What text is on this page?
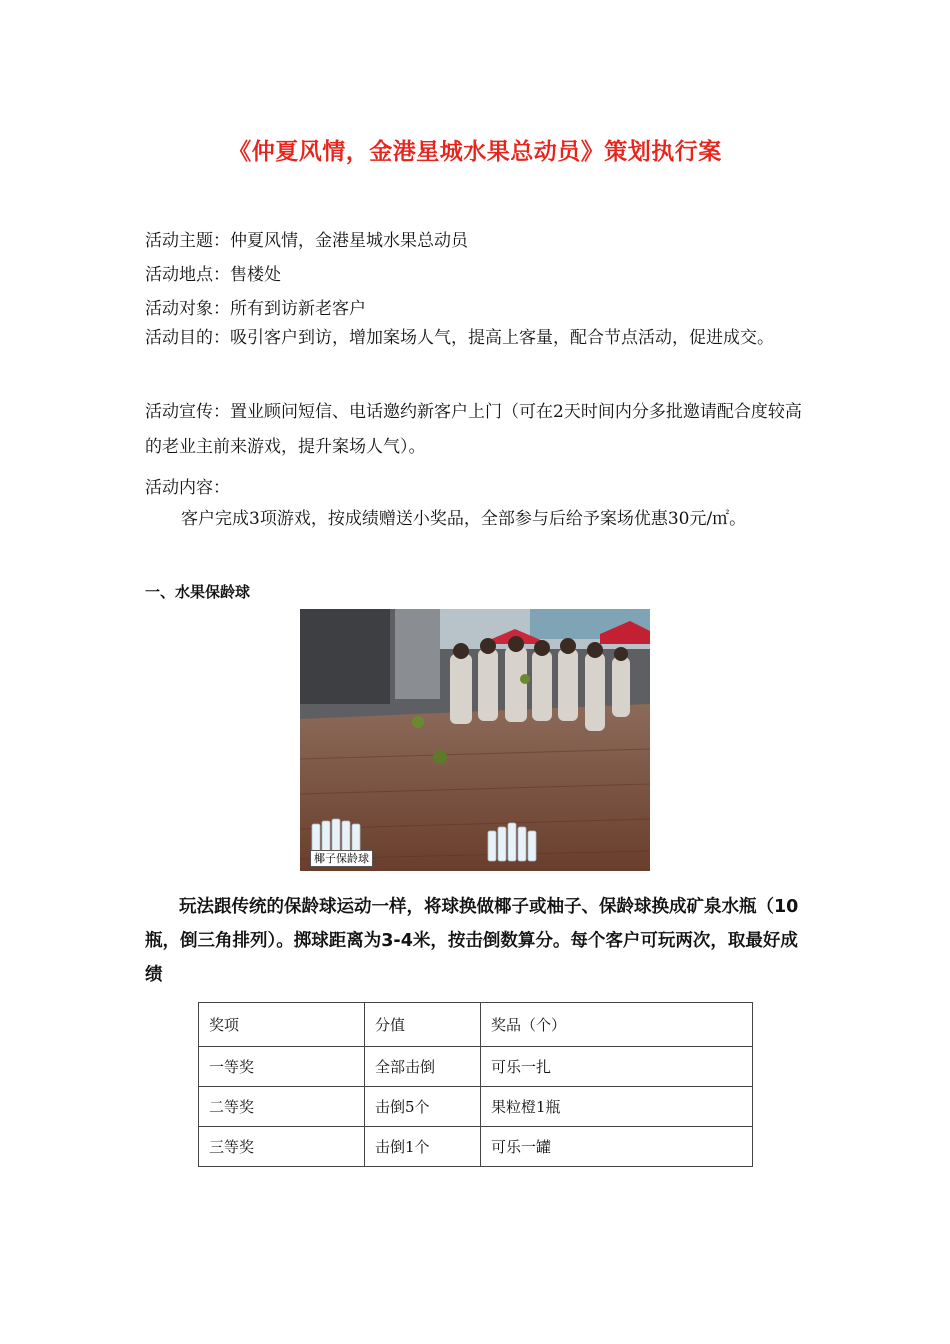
《仲夏风情，金港星城水果总动员》策划执行案
活动主题：仲夏风情，金港星城水果总动员
活动地点：售楼处
活动对象：所有到访新老客户
活动目的：吸引客户到访，增加案场人气，提高上客量，配合节点活动，促进成交。
活动宣传：置业顾问短信、电话邀约新客户上门（可在2天时间内分多批邀请配合度较高的老业主前来游戏，提升案场人气）。
活动内容：
客户完成3项游戏，按成绩赠送小奖品，全部参与后给予案场优惠30元/㎡。
一、水果保龄球
椰子保龄球
玩法跟传统的保龄球运动一样，将球换做椰子或柚子、保龄球换成矿泉水瓶（10瓶，倒三角排列）。掷球距离为3-4米，按击倒数算分。每个客户可玩两次，取最好成绩
奖项	分值	奖品（个）
一等奖	全部击倒	可乐一扎
二等奖	击倒5个	果粒橙1瓶
三等奖	击倒1个	可乐一罐
